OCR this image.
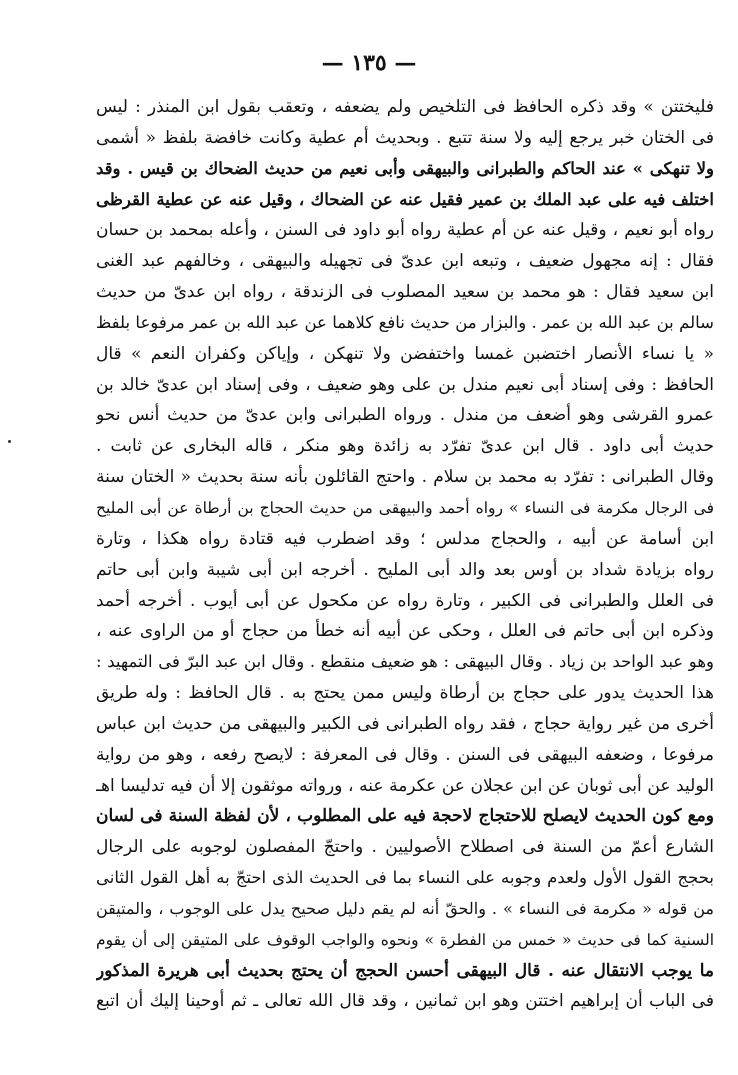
— ١٣٥ —
فليختتن » وقد ذكره الحافظ فى التلخيص ولم يضعفه ، وتعقب بقول ابن المنذر : ليس
فى الختان خبر يرجع إليه ولا سنة تتبع . وبحديث أم عطية وكانت خافضة بلفظ « أشمى
ولا تنهكى » عند الحاكم والطبرانى والبيهقى وأبى نعيم من حديث الضحاك بن قيس . وقد
اختلف فيه على عبد الملك بن عمير فقيل عنه عن الضحاك ، وقيل عنه عن عطية القرظى
رواه أبو نعيم ، وقيل عنه عن أم عطية رواه أبو داود فى السنن ، وأعله بمحمد بن حسان
فقال : إنه مجهول ضعيف ، وتبعه ابن عدىّ فى تجهيله والبيهقى ، وخالفهم عبد الغنى
ابن سعيد فقال : هو محمد بن سعيد المصلوب فى الزندقة ، رواه ابن عدىّ من حديث
سالم بن عبد الله بن عمر . والبزار من حديث نافع كلاهما عن عبد الله بن عمر مرفوعا بلفظ
« يا نساء الأنصار اختضبن غمسا واختفضن ولا تنهكن ، وإياكن وكفران النعم » قال
الحافظ : وفى إسناد أبى نعيم مندل بن على وهو ضعيف ، وفى إسناد ابن عدىّ خالد بن
عمرو القرشى وهو أضعف من مندل . ورواه الطبرانى وابن عدىّ من حديث أنس نحو
حديث أبى داود . قال ابن عدىّ تفرّد به زائدة وهو منكر ، قاله البخارى عن ثابت .
وقال الطبرانى : تفرّد به محمد بن سلام . واحتج القائلون بأنه سنة بحديث « الختان سنة
فى الرجال مكرمة فى النساء » رواه أحمد والبيهقى من حديث الحجاج بن أرطاة عن أبى المليح
ابن أسامة عن أبيه ، والحجاج مدلس ؛ وقد اضطرب فيه قتادة رواه هكذا ، وتارة
رواه بزيادة شداد بن أوس بعد والد أبى المليح . أخرجه ابن أبى شيبة وابن أبى حاتم
فى العلل والطبرانى فى الكبير ، وتارة رواه عن مكحول عن أبى أيوب . أخرجه أحمد
وذكره ابن أبى حاتم فى العلل ، وحكى عن أبيه أنه خطأ من حجاج أو من الراوى عنه ،
وهو عبد الواحد بن زياد . وقال البيهقى : هو ضعيف منقطع . وقال ابن عبد البرّ فى التمهيد :
هذا الحديث يدور على حجاج بن أرطاة وليس ممن يحتج به . قال الحافظ : وله طريق
أخرى من غير رواية حجاج ، فقد رواه الطبرانى فى الكبير والبيهقى من حديث ابن عباس
مرفوعا ، وضعفه البيهقى فى السنن . وقال فى المعرفة : لايصح رفعه ، وهو من رواية
الوليد عن أبى ثوبان عن ابن عجلان عن عكرمة عنه ، ورواته موثقون إلا أن فيه تدليسا اهـ
ومع كون الحديث لايصلح للاحتجاج لاحجة فيه على المطلوب ، لأن لفظة السنة فى لسان
الشارع أعمّ من السنة فى اصطلاح الأصوليين . واحتجّ المفصلون لوجوبه على الرجال
بحجج القول الأول ولعدم وجوبه على النساء بما فى الحديث الذى احتجّ به أهل القول الثانى
من قوله « مكرمة فى النساء » . والحقّ أنه لم يقم دليل صحيح يدل على الوجوب ، والمتيقن
السنية كما فى حديث « خمس من الفطرة » ونحوه والواجب الوقوف على المتيقن إلى أن يقوم
ما يوجب الانتقال عنه . قال البيهقى أحسن الحجج أن يحتج بحديث أبى هريرة المذكور
فى الباب أن إبراهيم اختتن وهو ابن ثمانين ، وقد قال الله تعالى ـ ثم أوحينا إليك أن اتبع
